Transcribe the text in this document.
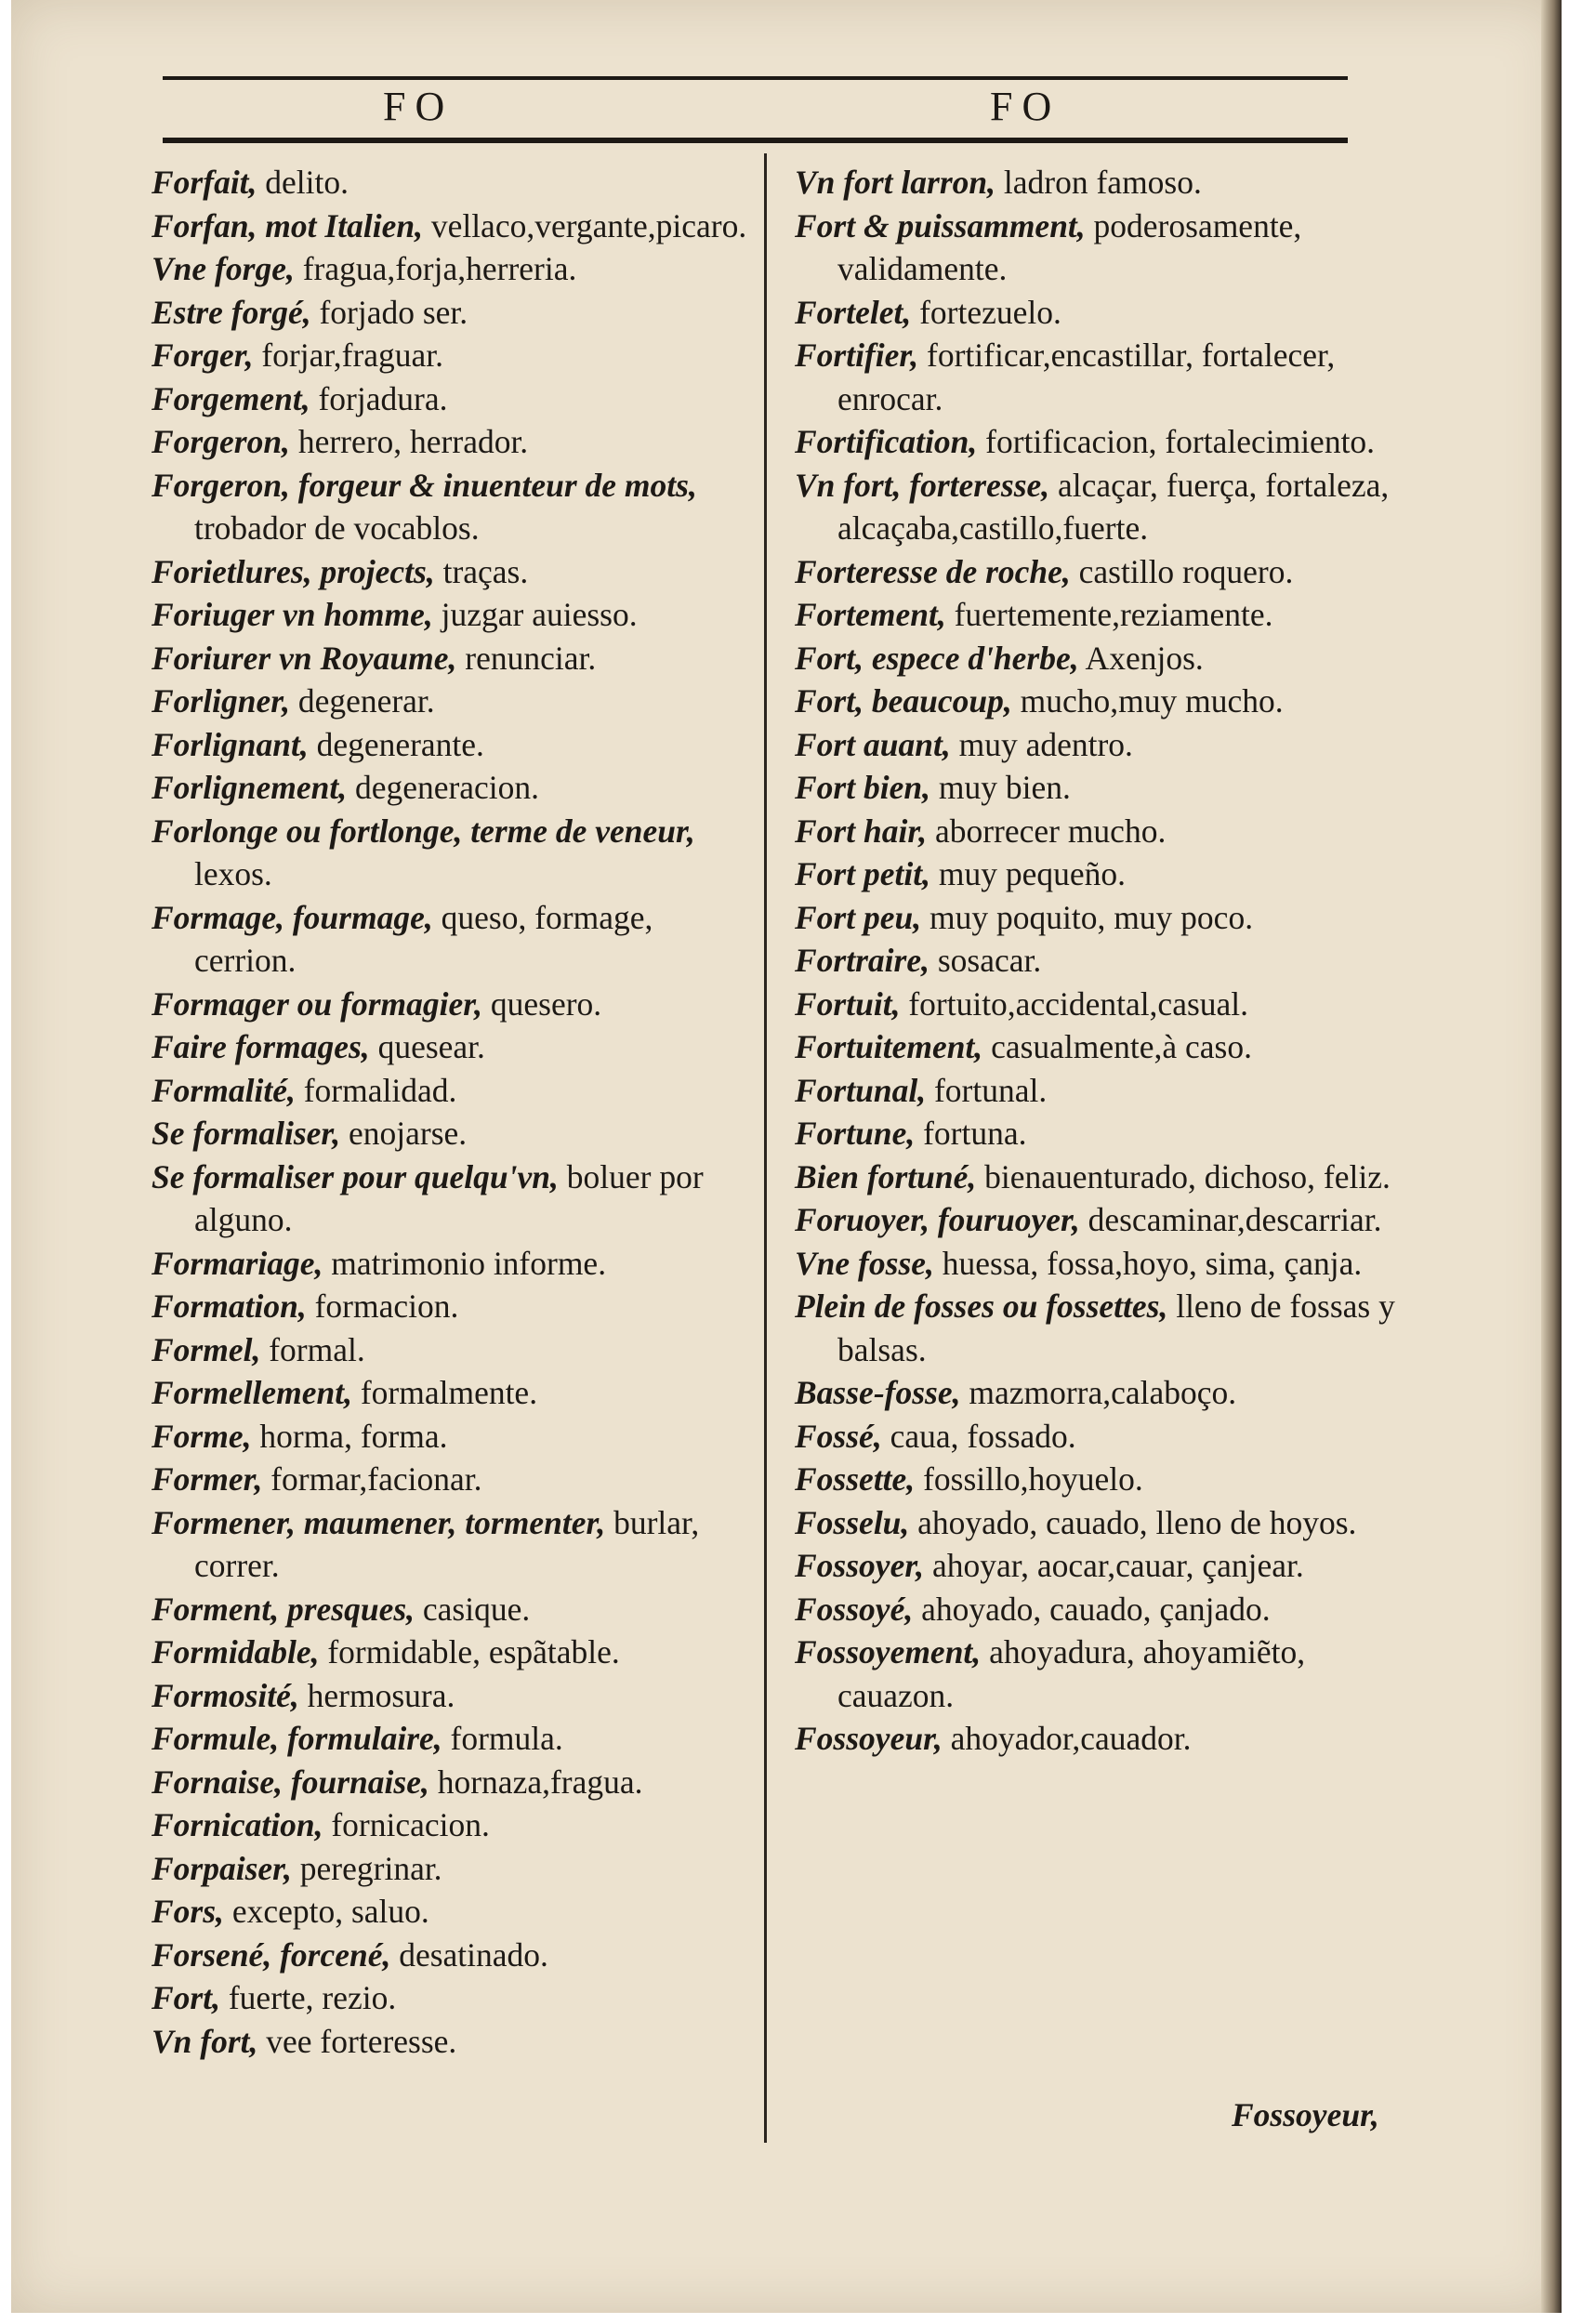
FO	FO

Forfait, delito.

Forfan, mot Italien, vellaco,vergante,picaro.

Vne forge, fragua,forja,herreria.

Estre forgé, forjado ser.

Forger, forjar,fraguar.

Forgement, forjadura.

Forgeron, herrero, herrador.

Forgeron, forgeur & inuenteur de mots, trobador de vocablos.

Forietlures, projects, traças.

Foriuger vn homme, juzgar auiesso.

Foriurer vn Royaume, renunciar.

Forligner, degenerar.

Forlignant, degenerante.

Forlignement, degeneracion.

Forlonge ou fortlonge, terme de veneur, lexos.

Formage, fourmage, queso, formage, cerrion.

Formager ou formagier, quesero.

Faire formages, quesear.

Formalité, formalidad.

Se formaliser, enojarse.

Se formaliser pour quelqu'vn, boluer por alguno.

Formariage, matrimonio informe.

Formation, formacion.

Formel, formal.

Formellement, formalmente.

Forme, horma, forma.

Former, formar,facionar.

Formener, maumener, tormenter, burlar, correr.

Forment, presques, casique.

Formidable, formidable, espãtable.

Formosité, hermosura.

Formule, formulaire, formula.

Fornaise, fournaise, hornaza,fragua.

Fornication, fornicacion.

Forpaiser, peregrinar.

Fors, excepto, saluo.

Forsené, forcené, desatinado.

Fort, fuerte, rezio.

Vn fort, vee forteresse.

Vn fort larron, ladron famoso.

Fort & puissamment, poderosamente, validamente.

Fortelet, fortezuelo.

Fortifier, fortificar,encastillar, fortalecer, enrocar.

Fortification, fortificacion, fortalecimiento.

Vn fort, forteresse, alcaçar, fuerça, fortaleza, alcaçaba,castillo,fuerte.

Forteresse de roche, castillo roquero.

Fortement, fuertemente,reziamente.

Fort, espece d'herbe, Axenjos.

Fort, beaucoup, mucho,muy mucho.

Fort auant, muy adentro.

Fort bien, muy bien.

Fort hair, aborrecer mucho.

Fort petit, muy pequeño.

Fort peu, muy poquito, muy poco.

Fortraire, sosacar.

Fortuit, fortuito,accidental,casual.

Fortuitement, casualmente,à caso.

Fortunal, fortunal.

Fortune, fortuna.

Bien fortuné, bienauenturado, dichoso, feliz.

Foruoyer, fouruoyer, descaminar,descarriar.

Vne fosse, huessa, fossa,hoyo, sima, çanja.

Plein de fosses ou fossettes, lleno de fossas y balsas.

Basse-fosse, mazmorra,calaboço.

Fossé, caua, fossado.

Fossette, fossillo,hoyuelo.

Fosselu, ahoyado, cauado, lleno de hoyos.

Fossoyer, ahoyar, aocar,cauar, çanjear.

Fossoyé, ahoyado, cauado, çanjado.

Fossoyement, ahoyadura, ahoyamiẽto, cauazon.

Fossoyeur, ahoyador,cauador.

Fossoyeur,
